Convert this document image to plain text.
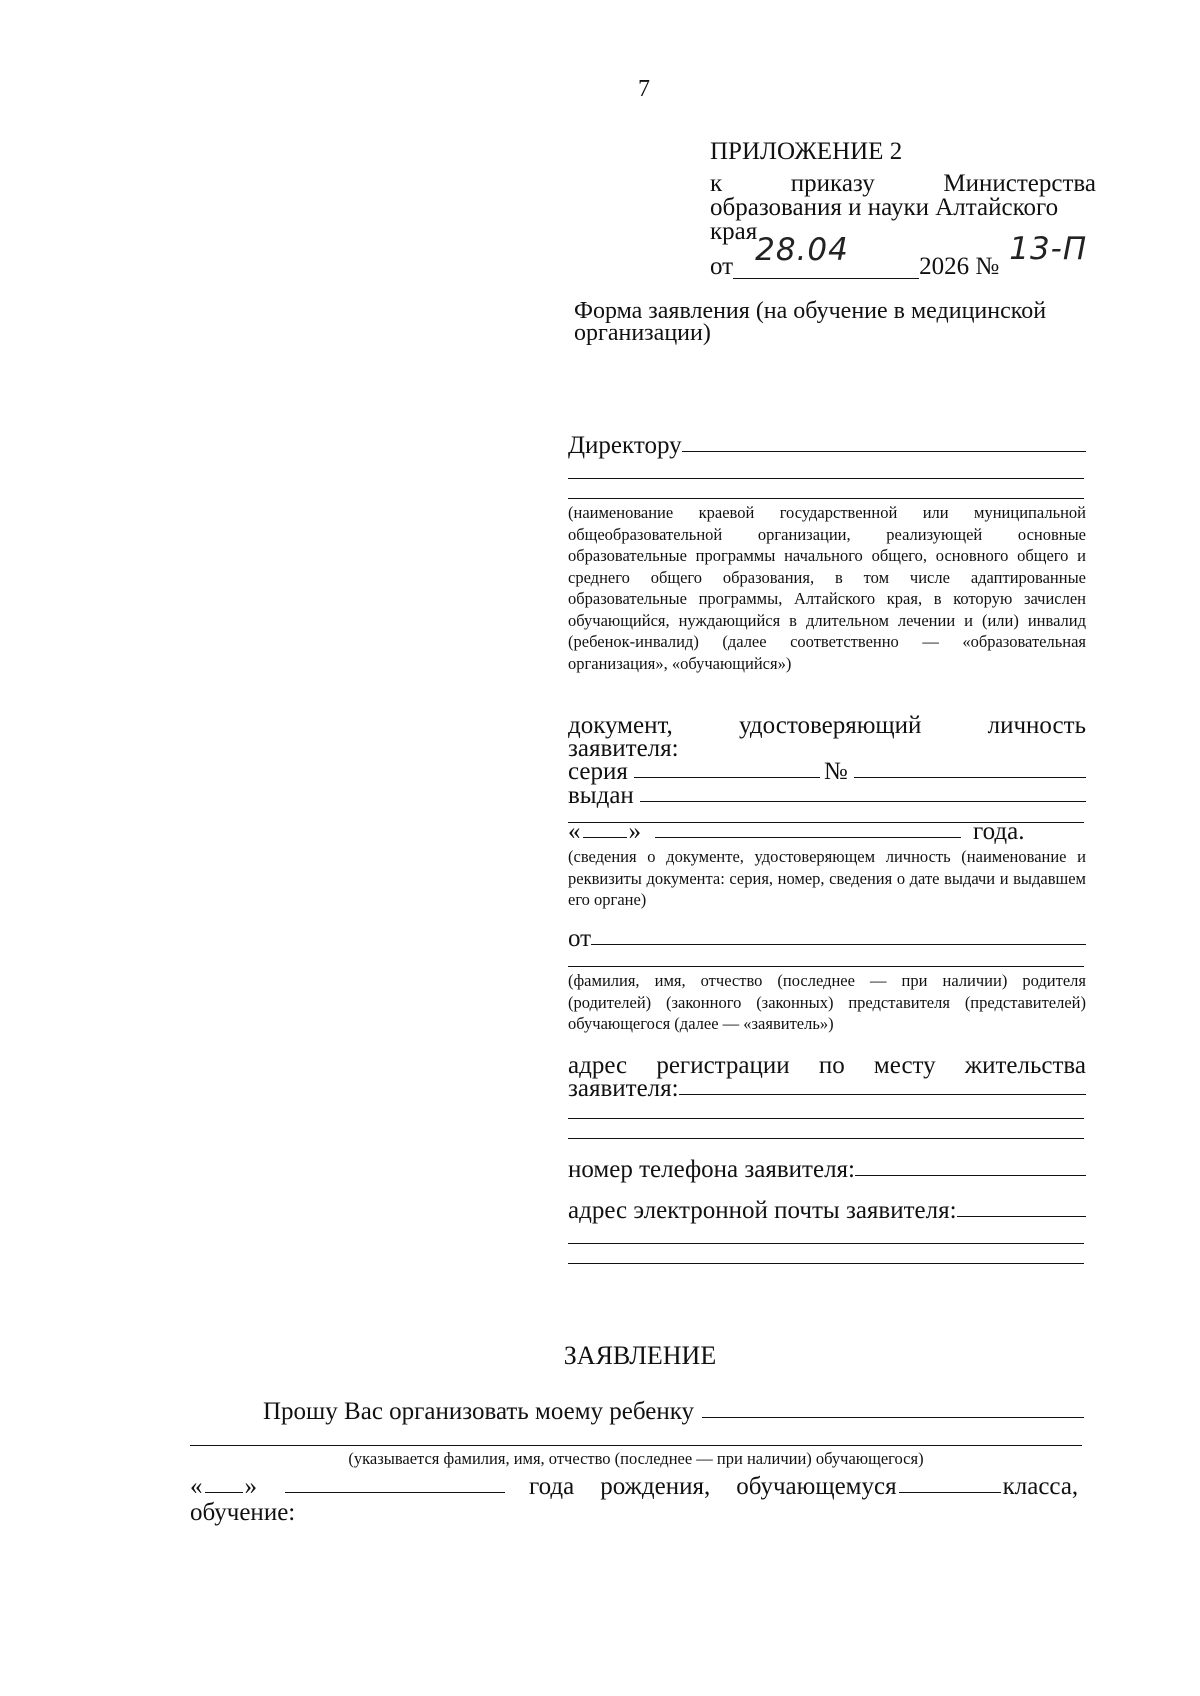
7
ПРИЛОЖЕНИЕ 2
к	приказу	Министерства
образования и науки Алтайского
края
от 28.04	2026 № 13-П
Форма заявления (на обучение в медицинской организации)
Директору
(наименование краевой государственной или муниципальной общеобразовательной организации, реализующей основные образовательные программы начального общего, основного общего и среднего общего образования, в том числе адаптированные образовательные программы, Алтайского края, в которую зачислен обучающийся, нуждающийся в длительном лечении и (или) инвалид (ребенок-инвалид) (далее соответственно — «образовательная организация», «обучающийся»)
документ,	удостоверяющий	личность
заявителя:
серия	№
выдан
« »	года.
(сведения о документе, удостоверяющем личность (наименование и реквизиты документа: серия, номер, сведения о дате выдачи и выдавшем его органе)
от
(фамилия, имя, отчество (последнее — при наличии) родителя (родителей) (законного (законных) представителя (представителей) обучающегося (далее — «заявитель»)
адрес регистрации по месту жительства
заявителя:
номер телефона заявителя:
адрес электронной почты заявителя:
ЗАЯВЛЕНИЕ
Прошу Вас организовать моему ребенку
(указывается фамилия, имя, отчество (последнее — при наличии) обучающегося)
« »	года рождения, обучающемуся	класса,
обучение:
